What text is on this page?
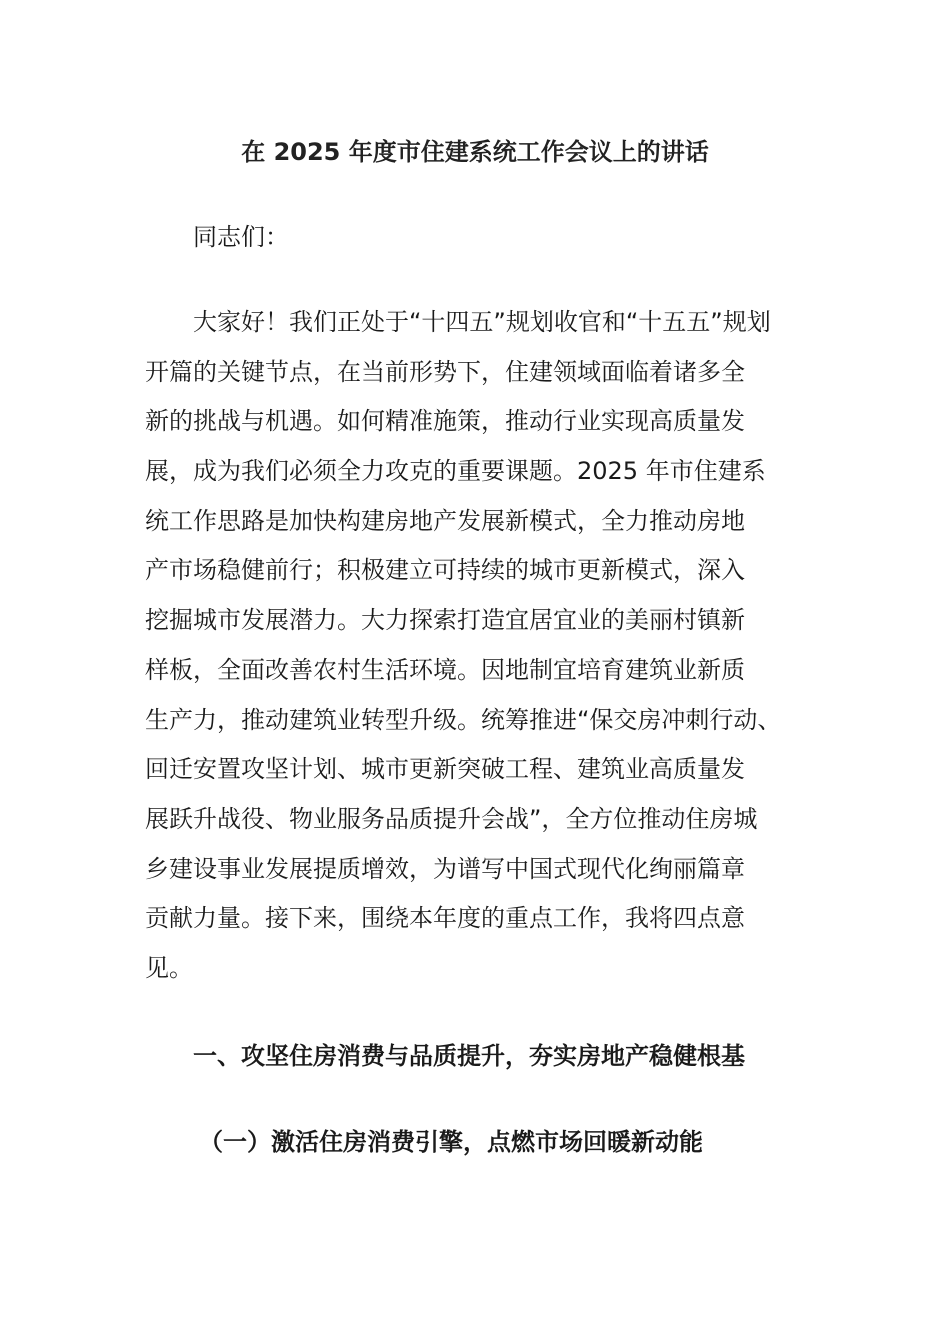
在 2025 年度市住建系统工作会议上的讲话
同志们：
大家好！我们正处于“十四五”规划收官和“十五五”规划
开篇的关键节点，在当前形势下，住建领域面临着诸多全
新的挑战与机遇。如何精准施策，推动行业实现高质量发
展，成为我们必须全力攻克的重要课题。2025 年市住建系
统工作思路是加快构建房地产发展新模式，全力推动房地
产市场稳健前行；积极建立可持续的城市更新模式，深入
挖掘城市发展潜力。大力探索打造宜居宜业的美丽村镇新
样板，全面改善农村生活环境。因地制宜培育建筑业新质
生产力，推动建筑业转型升级。统筹推进“保交房冲刺行动、
回迁安置攻坚计划、城市更新突破工程、建筑业高质量发
展跃升战役、物业服务品质提升会战”，全方位推动住房城
乡建设事业发展提质增效，为谱写中国式现代化绚丽篇章
贡献力量。接下来，围绕本年度的重点工作，我将四点意
见。
一、攻坚住房消费与品质提升，夯实房地产稳健根基
（一）激活住房消费引擎，点燃市场回暖新动能
